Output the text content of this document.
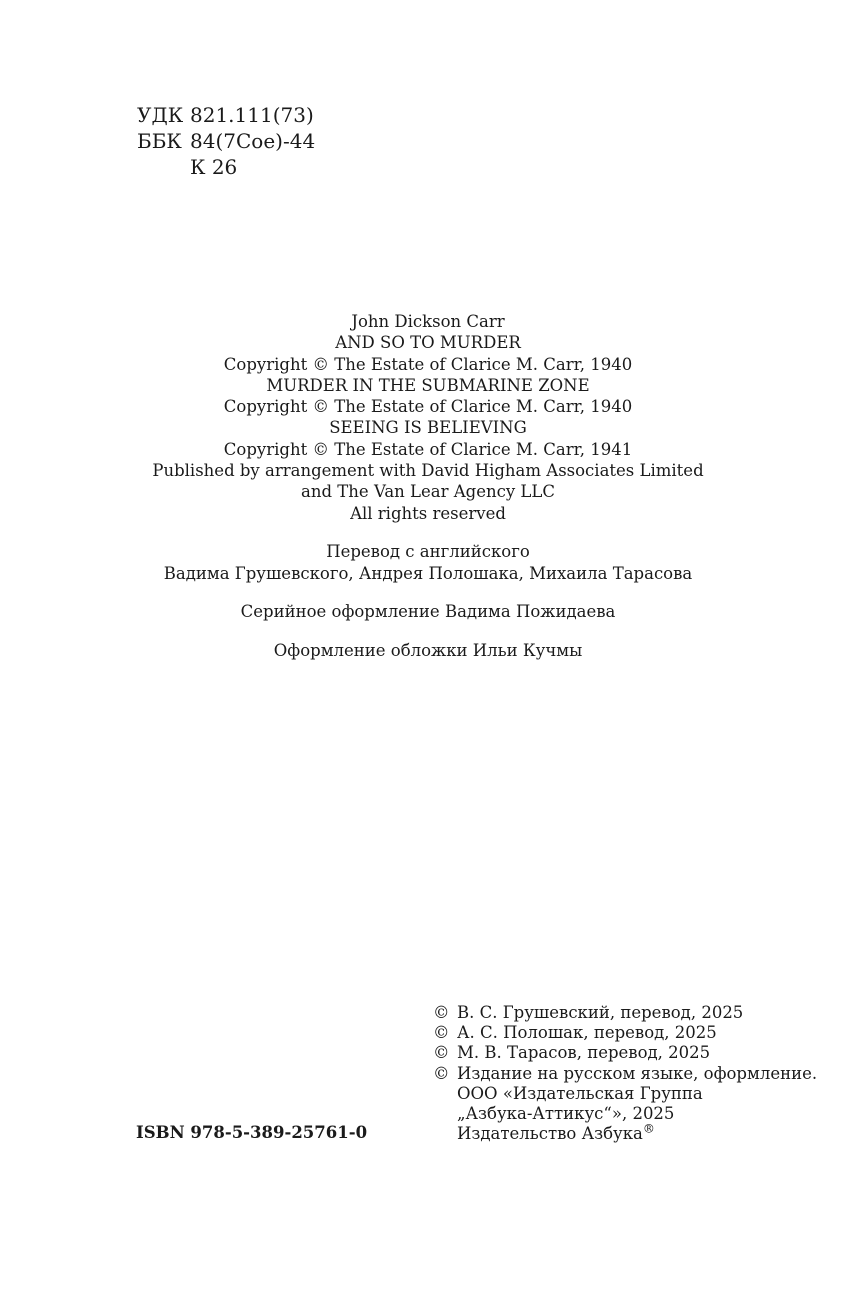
УДК 821.111(73)
ББК 84(7Сое)-44
К 26
John Dickson Carr
AND SO TO MURDER
Copyright © The Estate of Clarice M. Carr, 1940
MURDER IN THE SUBMARINE ZONE
Copyright © The Estate of Clarice M. Carr, 1940
SEEING IS BELIEVING
Copyright © The Estate of Clarice M. Carr, 1941
Published by arrangement with David Higham Associates Limited
and The Van Lear Agency LLC
All rights reserved
Перевод с английского
Вадима Грушевского, Андрея Полошака, Михаила Тарасова
Серийное оформление Вадима Пожидаева
Оформление обложки Ильи Кучмы
© В. С. Грушевский, перевод, 2025
© А. С. Полошак, перевод, 2025
© М. В. Тарасов, перевод, 2025
© Издание на русском языке, оформление.
ООО «Издательская Группа
„Азбука-Аттикус“», 2025
Издательство Азбука®
ISBN 978-5-389-25761-0
